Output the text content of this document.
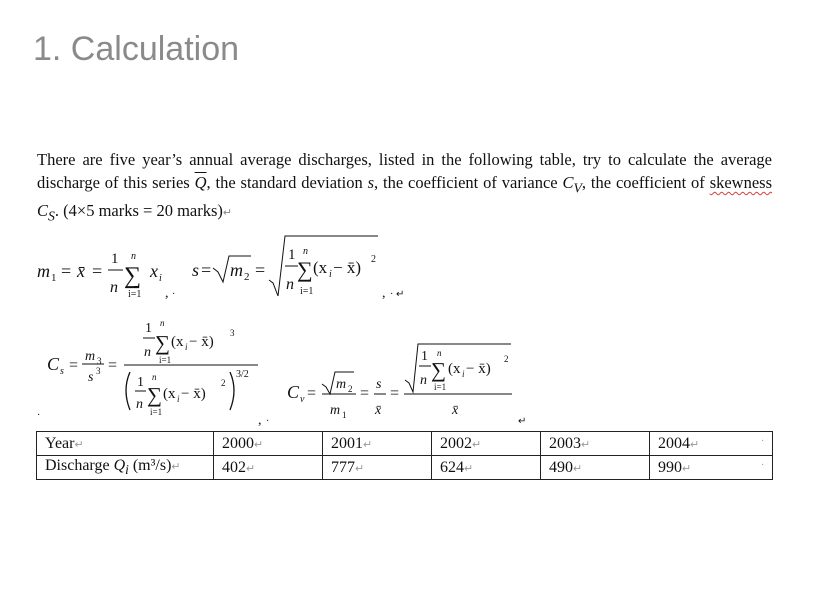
1. Calculation

There are five year’s annual average discharges, listed in the following table, try to calculate the average discharge of this series $\overline{Q}$, the standard deviation s, the coefficient of variance $C_V$, the coefficient of skewness $C_S$. (4×5 marks = 20 marks)↵

m 1 = x̄ =
1
n
n
∑
i=1
x i
, ·
s = m 2 =
1
n
n
∑
i=1
(x i − x̄) 2
, · ↵
C s =
m 3
s 3 =
1
n
n
∑
i=1
(x i − x̄)
3
1
n
n
∑
i=1
(x i − x̄)
2
3/2
, ·
·
C v =
m 2
m 1
=
s
x̄
=
1
n
n
∑
i=1
(x i − x̄)
2
x̄
↵
Year↵	2000↵	2001↵	2002↵	2003↵	2004↵
Discharge $Q_i$ (m³/s)↵	402↵	777↵	624↵	490↵	990↵
·
·
